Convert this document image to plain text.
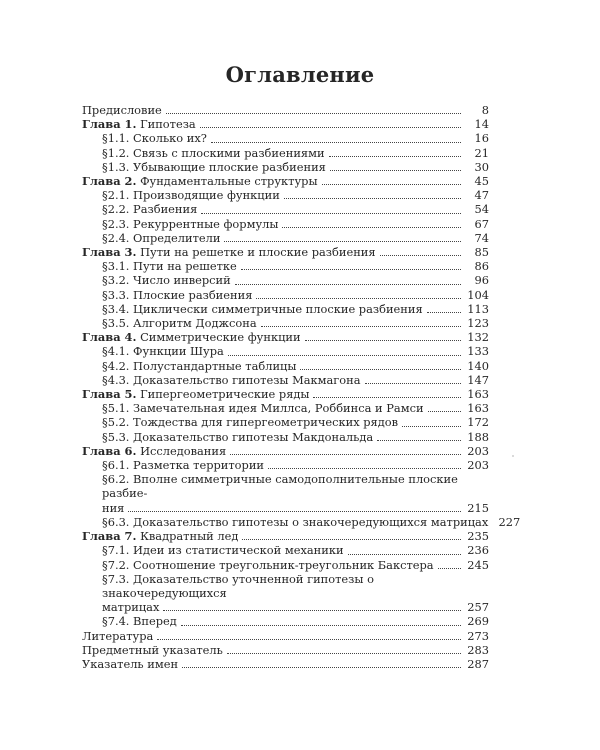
Оглавление
Предисловие	8
Глава 1. Гипотеза	14
§1.1. Сколько их?	16
§1.2. Связь с плоскими разбиениями	21
§1.3. Убывающие плоские разбиения	30
Глава 2. Фундаментальные структуры	45
§2.1. Производящие функции	47
§2.2. Разбиения	54
§2.3. Рекуррентные формулы	67
§2.4. Определители	74
Глава 3. Пути на решетке и плоские разбиения	85
§3.1. Пути на решетке	86
§3.2. Число инверсий	96
§3.3. Плоские разбиения	104
§3.4. Циклически симметричные плоские разбиения	113
§3.5. Алгоритм Доджсона	123
Глава 4. Симметрические функции	132
§4.1. Функции Шура	133
§4.2. Полустандартные таблицы	140
§4.3. Доказательство гипотезы Макмагона	147
Глава 5. Гипергеометрические ряды	163
§5.1. Замечательная идея Миллса, Роббинса и Рамси	163
§5.2. Тождества для гипергеометрических рядов	172
§5.3. Доказательство гипотезы Макдональда	188
Глава 6. Исследования	203
§6.1. Разметка территории	203
§6.2. Вполне симметричные самодополнительные плоские разбие-
ния	215
§6.3. Доказательство гипотезы о знакочередующихся матрицах 227
Глава 7. Квадратный лед	235
§7.1. Идеи из статистической механики	236
§7.2. Соотношение треугольник-треугольник Бакстера	245
§7.3. Доказательство уточненной гипотезы о знакочередующихся
матрицах	257
§7.4. Вперед	269
Литература	273
Предметный указатель	283
Указатель имен	287
